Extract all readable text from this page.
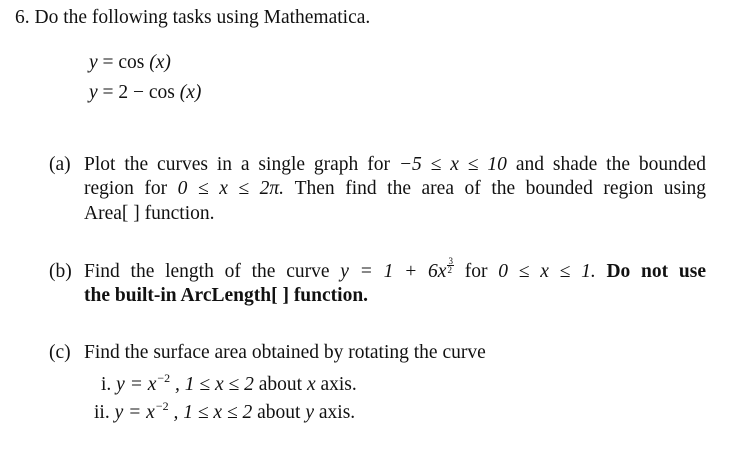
6. Do the following tasks using Mathematica.
y = cos (x)
y = 2 − cos (x)
(a) Plot the curves in a single graph for −5 ≤ x ≤ 10 and shade the bounded
region for 0 ≤ x ≤ 2π. Then find the area of the bounded region using
Area[ ] function.
(b) Find the length of the curve $y = 1 + 6x \frac{3}{2}$ for 0 ≤ x ≤ 1. Do not use
the built-in ArcLength[ ] function.
(c) Find the surface area obtained by rotating the curve
i. $y = x^{-2}$ , 1 ≤ x ≤ 2 about x axis.
ii. $y = x^{-2}$ , 1 ≤ x ≤ 2 about y axis.
